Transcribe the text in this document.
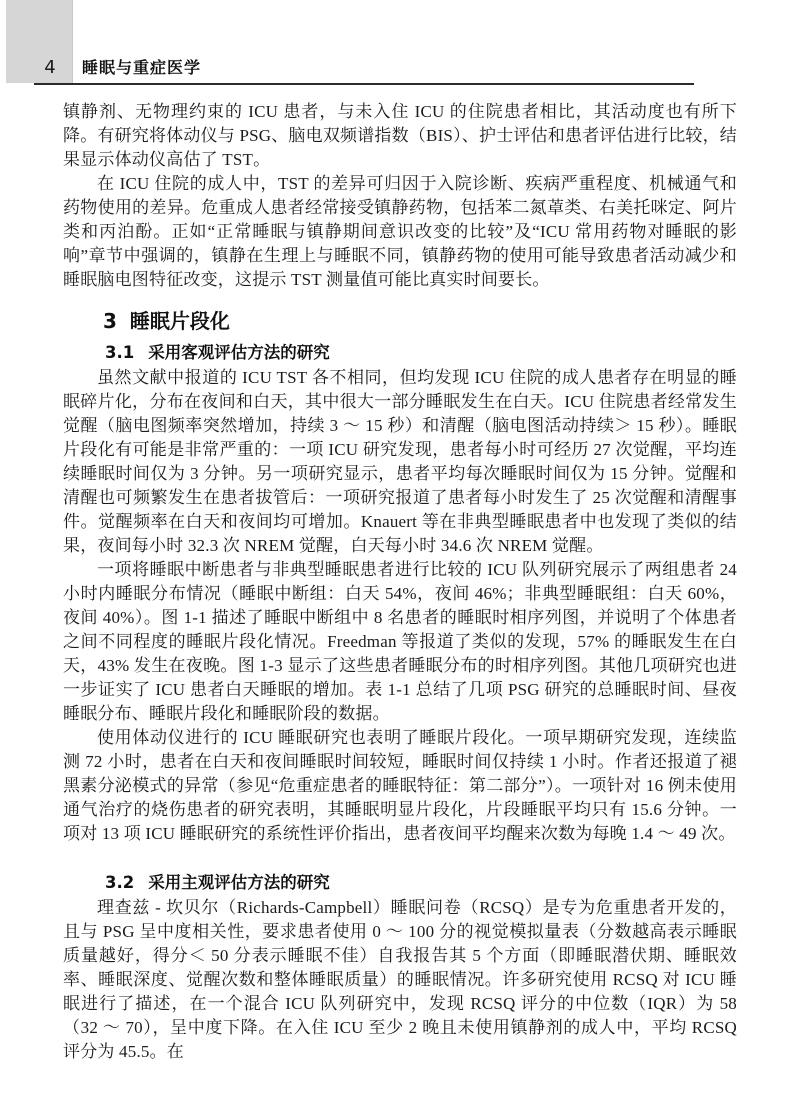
4	睡眠与重症医学

镇静剂、无物理约束的 ICU 患者，与未入住 ICU 的住院患者相比，其活动度也有所下降。有研究将体动仪与 PSG、脑电双频谱指数（BIS）、护士评估和患者评估进行比较，结果显示体动仪高估了 TST。

在 ICU 住院的成人中，TST 的差异可归因于入院诊断、疾病严重程度、机械通气和药物使用的差异。危重成人患者经常接受镇静药物，包括苯二氮䓬类、右美托咪定、阿片类和丙泊酚。正如“正常睡眠与镇静期间意识改变的比较”及“ICU 常用药物对睡眠的影响”章节中强调的，镇静在生理上与睡眠不同，镇静药物的使用可能导致患者活动减少和睡眠脑电图特征改变，这提示 TST 测量值可能比真实时间要长。

3 睡眠片段化
3.1 采用客观评估方法的研究

虽然文献中报道的 ICU TST 各不相同，但均发现 ICU 住院的成人患者存在明显的睡眠碎片化，分布在夜间和白天，其中很大一部分睡眠发生在白天。ICU 住院患者经常发生觉醒（脑电图频率突然增加，持续 3 ～ 15 秒）和清醒（脑电图活动持续＞ 15 秒）。睡眠片段化有可能是非常严重的：一项 ICU 研究发现，患者每小时可经历 27 次觉醒，平均连续睡眠时间仅为 3 分钟。另一项研究显示，患者平均每次睡眠时间仅为 15 分钟。觉醒和清醒也可频繁发生在患者拔管后：一项研究报道了患者每小时发生了 25 次觉醒和清醒事件。觉醒频率在白天和夜间均可增加。Knauert 等在非典型睡眠患者中也发现了类似的结果，夜间每小时 32.3 次 NREM 觉醒，白天每小时 34.6 次 NREM 觉醒。

一项将睡眠中断患者与非典型睡眠患者进行比较的 ICU 队列研究展示了两组患者 24 小时内睡眠分布情况（睡眠中断组：白天 54%，夜间 46%；非典型睡眠组：白天 60%，夜间 40%）。图 1-1 描述了睡眠中断组中 8 名患者的睡眠时相序列图，并说明了个体患者之间不同程度的睡眠片段化情况。Freedman 等报道了类似的发现，57% 的睡眠发生在白天，43% 发生在夜晚。图 1-3 显示了这些患者睡眠分布的时相序列图。其他几项研究也进一步证实了 ICU 患者白天睡眠的增加。表 1-1 总结了几项 PSG 研究的总睡眠时间、昼夜睡眠分布、睡眠片段化和睡眠阶段的数据。

使用体动仪进行的 ICU 睡眠研究也表明了睡眠片段化。一项早期研究发现，连续监测 72 小时，患者在白天和夜间睡眠时间较短，睡眠时间仅持续 1 小时。作者还报道了褪黑素分泌模式的异常（参见“危重症患者的睡眠特征：第二部分”）。一项针对 16 例未使用通气治疗的烧伤患者的研究表明，其睡眠明显片段化，片段睡眠平均只有 15.6 分钟。一项对 13 项 ICU 睡眠研究的系统性评价指出，患者夜间平均醒来次数为每晚 1.4 ～ 49 次。

3.2 采用主观评估方法的研究

理查兹 - 坎贝尔（Richards-Campbell）睡眠问卷（RCSQ）是专为危重患者开发的，且与 PSG 呈中度相关性，要求患者使用 0 ～ 100 分的视觉模拟量表（分数越高表示睡眠质量越好，得分＜ 50 分表示睡眠不佳）自我报告其 5 个方面（即睡眠潜伏期、睡眠效率、睡眠深度、觉醒次数和整体睡眠质量）的睡眠情况。许多研究使用 RCSQ 对 ICU 睡眠进行了描述，在一个混合 ICU 队列研究中，发现 RCSQ 评分的中位数（IQR）为 58（32 ～ 70），呈中度下降。在入住 ICU 至少 2 晚且未使用镇静剂的成人中，平均 RCSQ 评分为 45.5。在
